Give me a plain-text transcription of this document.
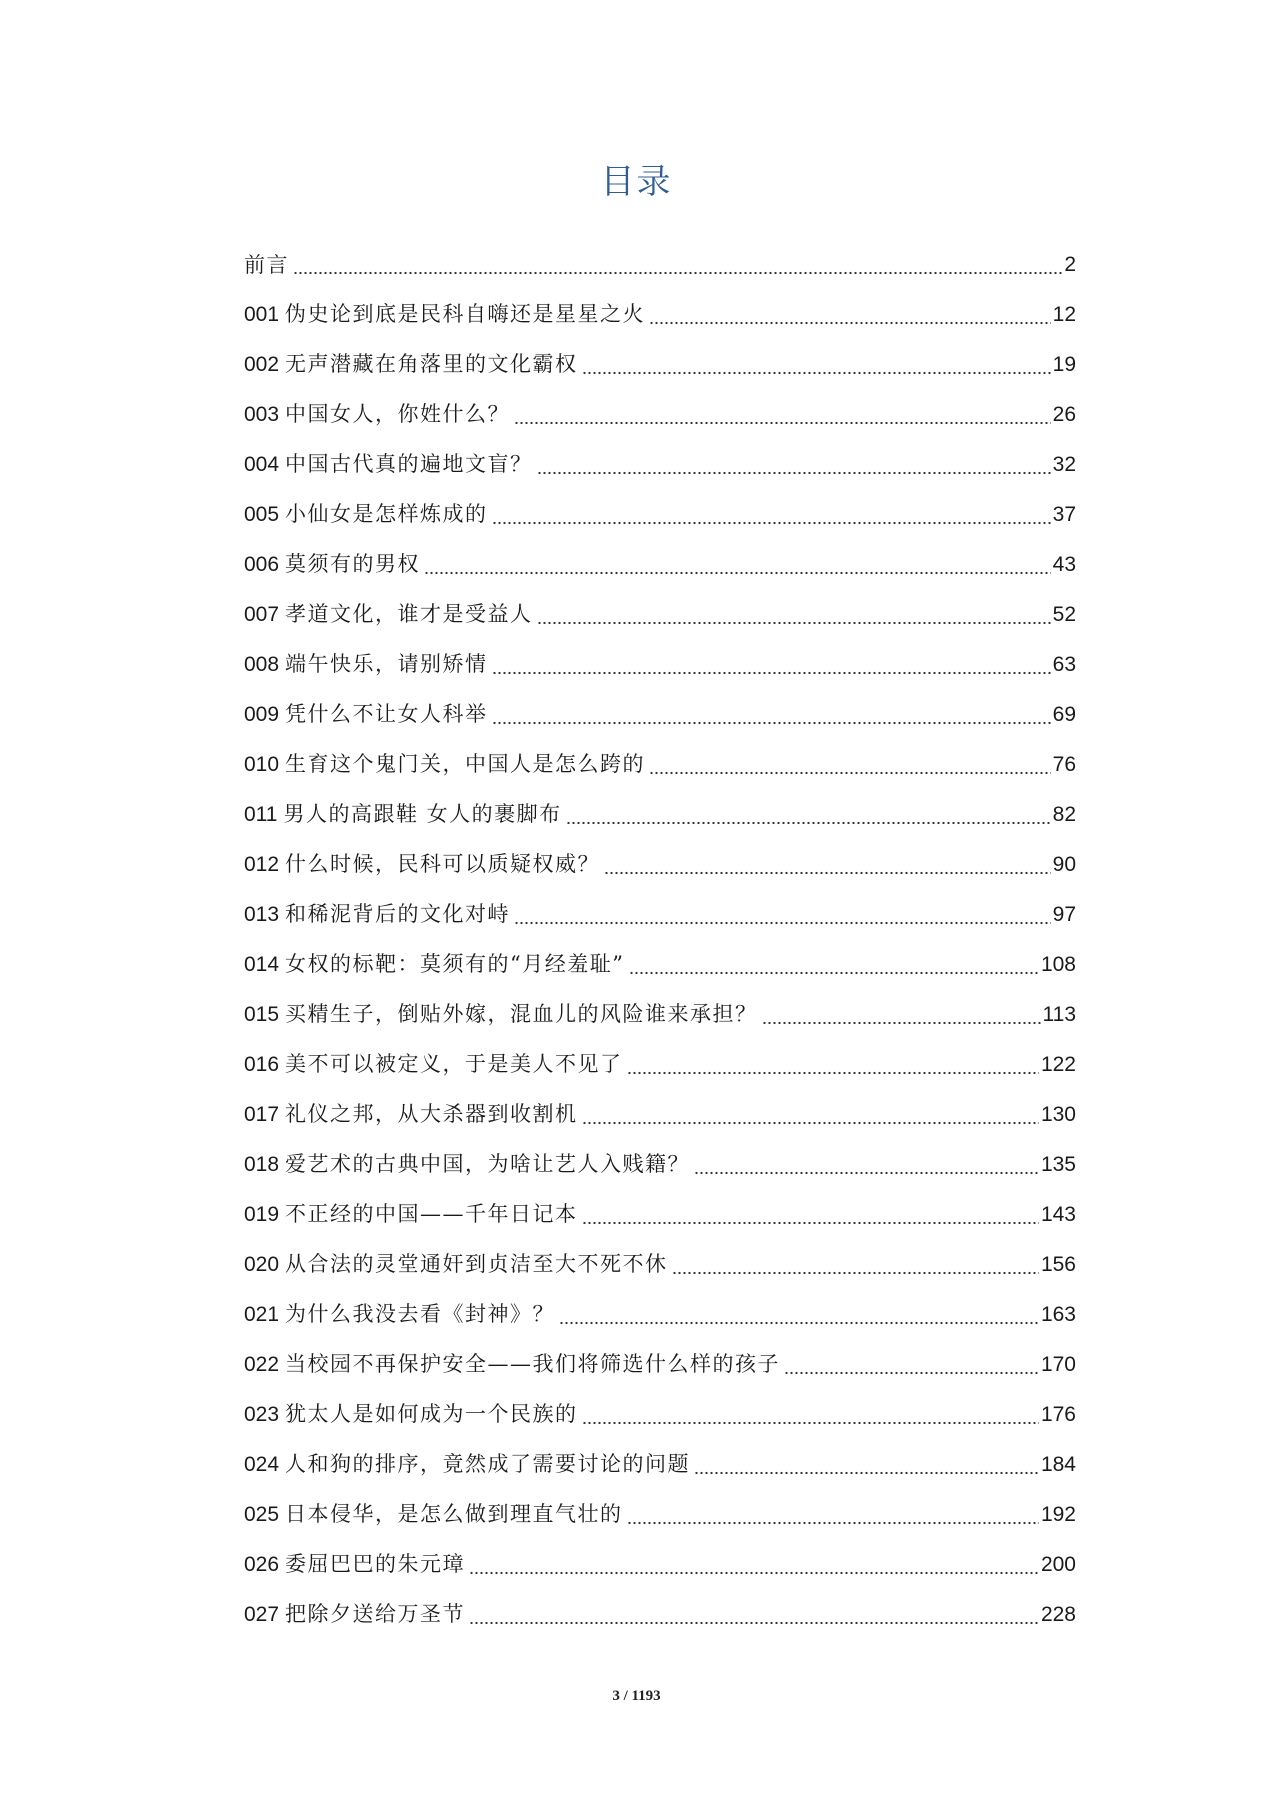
目录
前言	2
001 伪史论到底是民科自嗨还是星星之火	12
002 无声潜藏在角落里的文化霸权	19
003 中国女人，你姓什么？	26
004 中国古代真的遍地文盲？	32
005 小仙女是怎样炼成的	37
006 莫须有的男权	43
007 孝道文化，谁才是受益人	52
008 端午快乐，请别矫情	63
009 凭什么不让女人科举	69
010 生育这个鬼门关，中国人是怎么跨的	76
011 男人的高跟鞋 女人的裹脚布	82
012 什么时候，民科可以质疑权威？	90
013 和稀泥背后的文化对峙	97
014 女权的标靶：莫须有的“月经羞耻”	108
015 买精生子，倒贴外嫁，混血儿的风险谁来承担？	113
016 美不可以被定义，于是美人不见了	122
017 礼仪之邦，从大杀器到收割机	130
018 爱艺术的古典中国，为啥让艺人入贱籍？	135
019 不正经的中国——千年日记本	143
020 从合法的灵堂通奸到贞洁至大不死不休	156
021 为什么我没去看《封神》？	163
022 当校园不再保护安全——我们将筛选什么样的孩子	170
023 犹太人是如何成为一个民族的	176
024 人和狗的排序，竟然成了需要讨论的问题	184
025 日本侵华，是怎么做到理直气壮的	192
026 委屈巴巴的朱元璋	200
027 把除夕送给万圣节	228
3 / 1193
